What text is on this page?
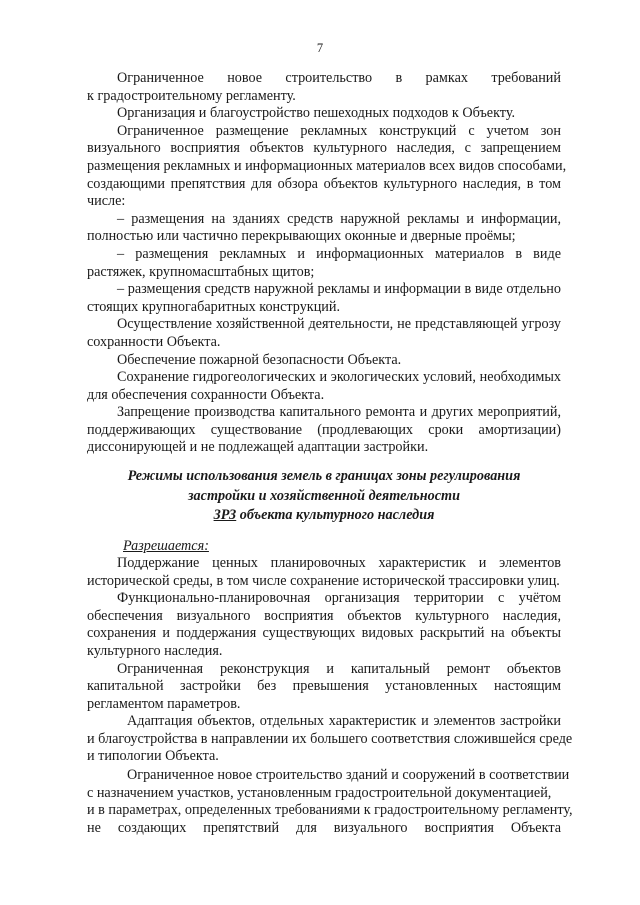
7
Ограниченное новое строительство в рамках требований
к градостроительному регламенту.
Организация и благоустройство пешеходных подходов к Объекту.
Ограниченное размещение рекламных конструкций с учетом зон
визуального восприятия объектов культурного наследия, с запрещением
размещения рекламных и информационных материалов всех видов способами,
создающими препятствия для обзора объектов культурного наследия, в том
числе:
– размещения на зданиях средств наружной рекламы и информации,
полностью или частично перекрывающих оконные и дверные проёмы;
– размещения рекламных и информационных материалов в виде
растяжек, крупномасштабных щитов;
– размещения средств наружной рекламы и информации в виде отдельно
стоящих крупногабаритных конструкций.
Осуществление хозяйственной деятельности, не представляющей угрозу
сохранности Объекта.
Обеспечение пожарной безопасности Объекта.
Сохранение гидрогеологических и экологических условий, необходимых
для обеспечения сохранности Объекта.
Запрещение производства капитального ремонта и других мероприятий,
поддерживающих существование (продлевающих сроки амортизации)
диссонирующей и не подлежащей адаптации застройки.
Режимы использования земель в границах зоны регулирования
застройки и хозяйственной деятельности
ЗРЗ объекта культурного наследия
Разрешается:
Поддержание ценных планировочных характеристик и элементов
исторической среды, в том числе сохранение исторической трассировки улиц.
Функционально-планировочная организация территории с учётом
обеспечения визуального восприятия объектов культурного наследия,
сохранения и поддержания существующих видовых раскрытий на объекты
культурного наследия.
Ограниченная реконструкция и капитальный ремонт объектов
капитальной застройки без превышения установленных настоящим
регламентом параметров.
Адаптация объектов, отдельных характеристик и элементов застройки
и благоустройства в направлении их большего соответствия сложившейся среде
и типологии Объекта.
Ограниченное новое строительство зданий и сооружений в соответствии
с назначением участков, установленным градостроительной документацией,
и в параметрах, определенных требованиями к градостроительному регламенту,
не создающих препятствий для визуального восприятия Объекта
